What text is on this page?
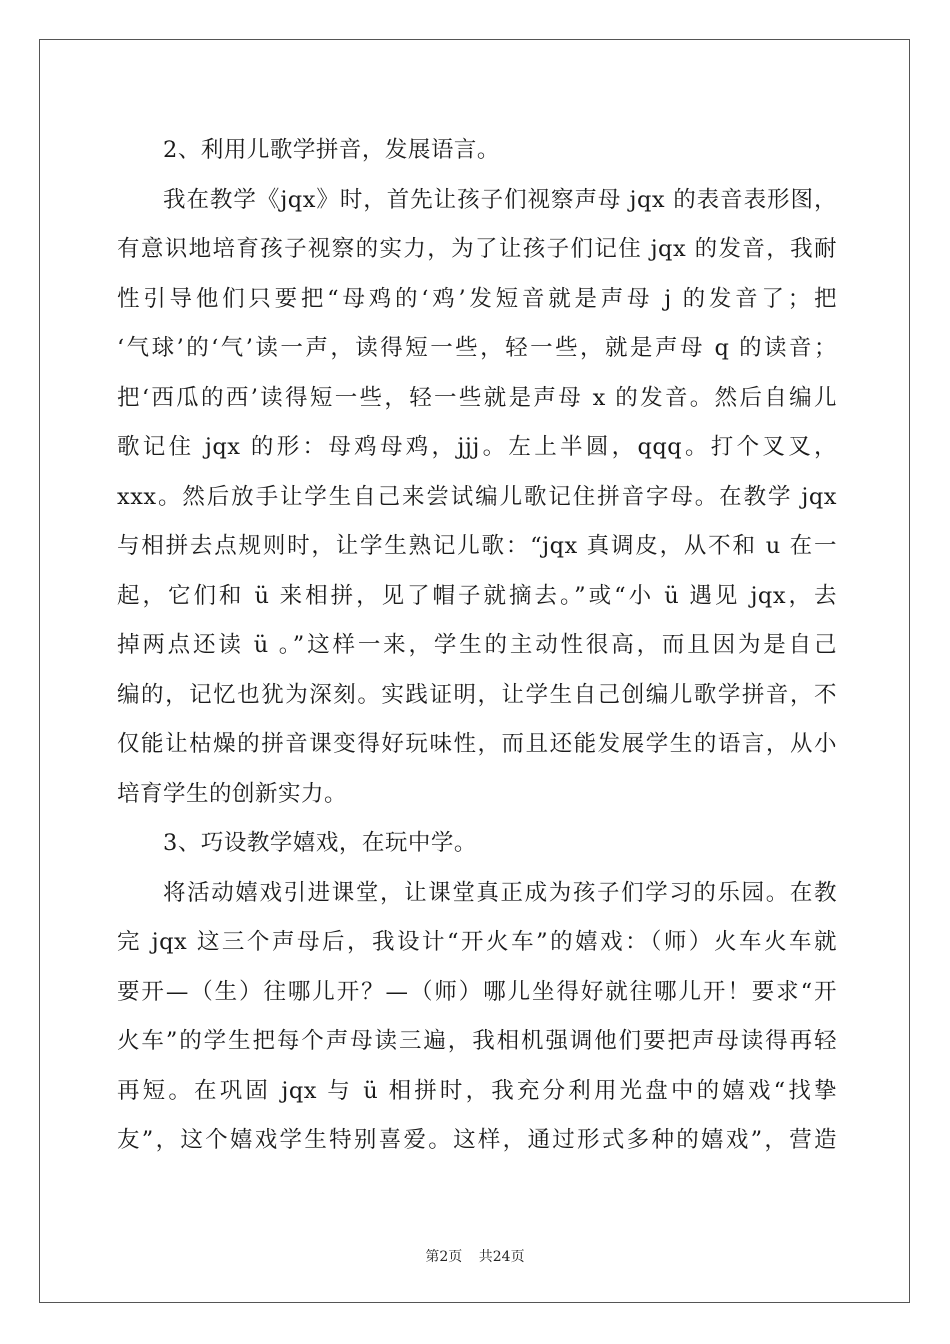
2、利用儿歌学拼音，发展语言。
我在教学《jqx》时，首先让孩子们视察声母 jqx 的表音表形图，
有意识地培育孩子视察的实力，为了让孩子们记住 jqx 的发音，我耐
性引导他们只要把“母鸡的‘鸡’发短音就是声母 j 的发音了；把
‘气球’的‘气’读一声，读得短一些，轻一些，就是声母 q 的读音；
把‘西瓜的西’读得短一些，轻一些就是声母 x 的发音。然后自编儿
歌记住 jqx 的形：母鸡母鸡，jjj。左上半圆，qqq。打个叉叉，
xxx。然后放手让学生自己来尝试编儿歌记住拼音字母。在教学 jqx
与相拼去点规则时，让学生熟记儿歌：“jqx 真调皮，从不和 u 在一
起，它们和 ü 来相拼，见了帽子就摘去。”或“小 ü 遇见 jqx，去
掉两点还读 ü 。”这样一来，学生的主动性很高，而且因为是自己
编的，记忆也犹为深刻。实践证明，让学生自己创编儿歌学拼音，不
仅能让枯燥的拼音课变得好玩味性，而且还能发展学生的语言，从小
培育学生的创新实力。
3、巧设教学嬉戏，在玩中学。
将活动嬉戏引进课堂，让课堂真正成为孩子们学习的乐园。在教
完 jqx 这三个声母后，我设计“开火车”的嬉戏：（师）火车火车就
要开—（生）往哪儿开？—（师）哪儿坐得好就往哪儿开！要求“开
火车”的学生把每个声母读三遍，我相机强调他们要把声母读得再轻
再短。在巩固 jqx 与 ü 相拼时，我充分利用光盘中的嬉戏“找挚
友”，这个嬉戏学生特别喜爱。这样，通过形式多种的嬉戏”，营造
第2页 共24页
